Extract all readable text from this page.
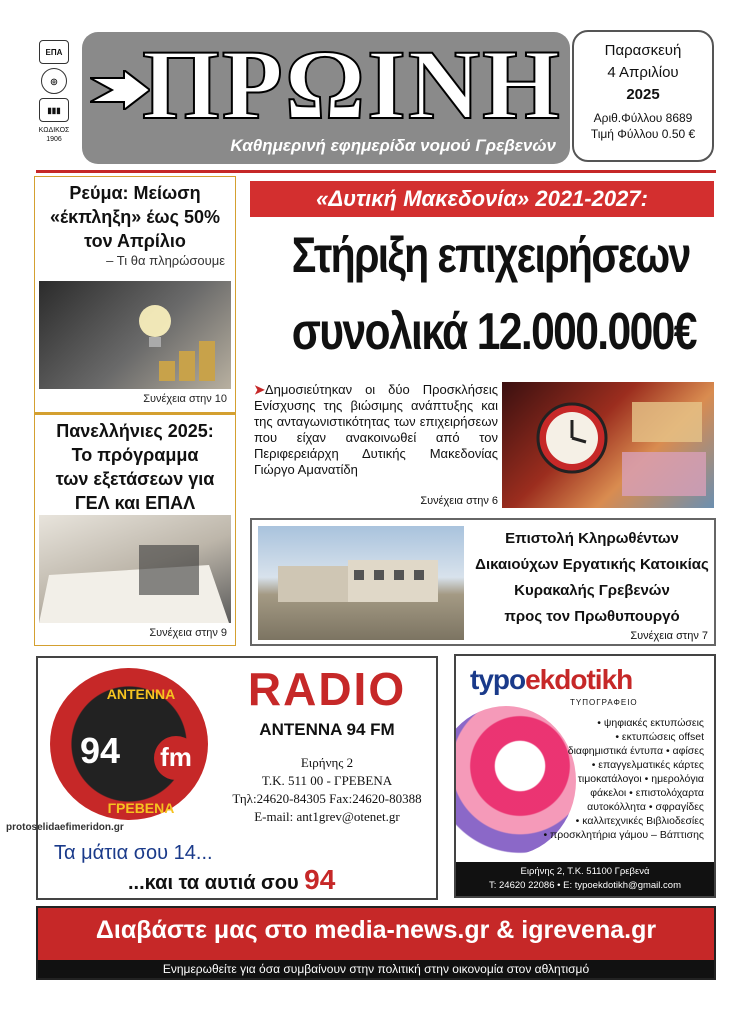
ΕΠΑ
◎
▮▮▮
ΚΩΔΙΚΟΣ
1906 ΠΡΩΙΝΗ
Καθημερινή εφημερίδα νομού Γρεβενών
Παρασκευή
4 Απριλίου
2025
Αριθ.Φύλλου 8689
Τιμή Φύλλου 0.50 €
Ρεύμα: Μείωση
«έκπληξη» έως 50%
τον Απρίλιο
– Τι θα πληρώσουμε
Συνέχεια στην 10
Πανελλήνιες 2025:
Το πρόγραμμα
των εξετάσεων για
ΓΕΛ και ΕΠΑΛ
Συνέχεια στην 9
«Δυτική Μακεδονία» 2021-2027:
Στήριξη επιχειρήσεων
συνολικά 12.000.000€
➤Δημοσιεύτηκαν οι δύο Προσκλήσεις Ενίσχυσης της βιώσιμης ανάπτυξης και της ανταγωνιστικότητας των επιχειρήσεων που είχαν ανακοινωθεί από τον Περιφερειάρχη Δυτικής Μακεδονίας Γιώργο Αμανατίδη
Συνέχεια στην 6
Επιστολή Κληρωθέντων
Δικαιούχων Εργατικής Κατοικίας
Κυρακαλής Γρεβενών
προς τον Πρωθυπουργό
Συνέχεια στην 7
ΑΝΤΕΝΝΑ
94 fm
ΓΡΕΒΕΝΑ
RADIO
ANTENNA 94 FM
Ειρήνης 2
Τ.Κ. 511 00 - ΓΡΕΒΕΝΑ
Τηλ:24620-84305 Fax:24620-80388
E-mail: ant1grev@otenet.gr
Τα μάτια σου 14...
...και τα αυτιά σου 94
typoekdotikh
ΤΥΠΟΓΡΑΦΕΙΟ
• ψηφιακές εκτυπώσεις
• εκτυπώσεις offset
διαφημιστικά έντυπα • αφίσες
• επαγγελματικές κάρτες
τιμοκατάλογοι • ημερολόγια
φάκελοι • επιστολόχαρτα
αυτοκόλλητα • σφραγίδες
• καλλιτεχνικές Βιβλιοδεσίες
• προσκλητήρια γάμου – Βάπτισης
Ειρήνης 2, Τ.Κ. 51100 Γρεβενά
Τ: 24620 22086 • E: typoekdotikh@gmail.com
protoselidaefimeridon.gr
Διαβάστε μας στο media-news.gr & igrevena.gr
Ενημερωθείτε για όσα συμβαίνουν στην πολιτική στην οικονομία στον αθλητισμό
